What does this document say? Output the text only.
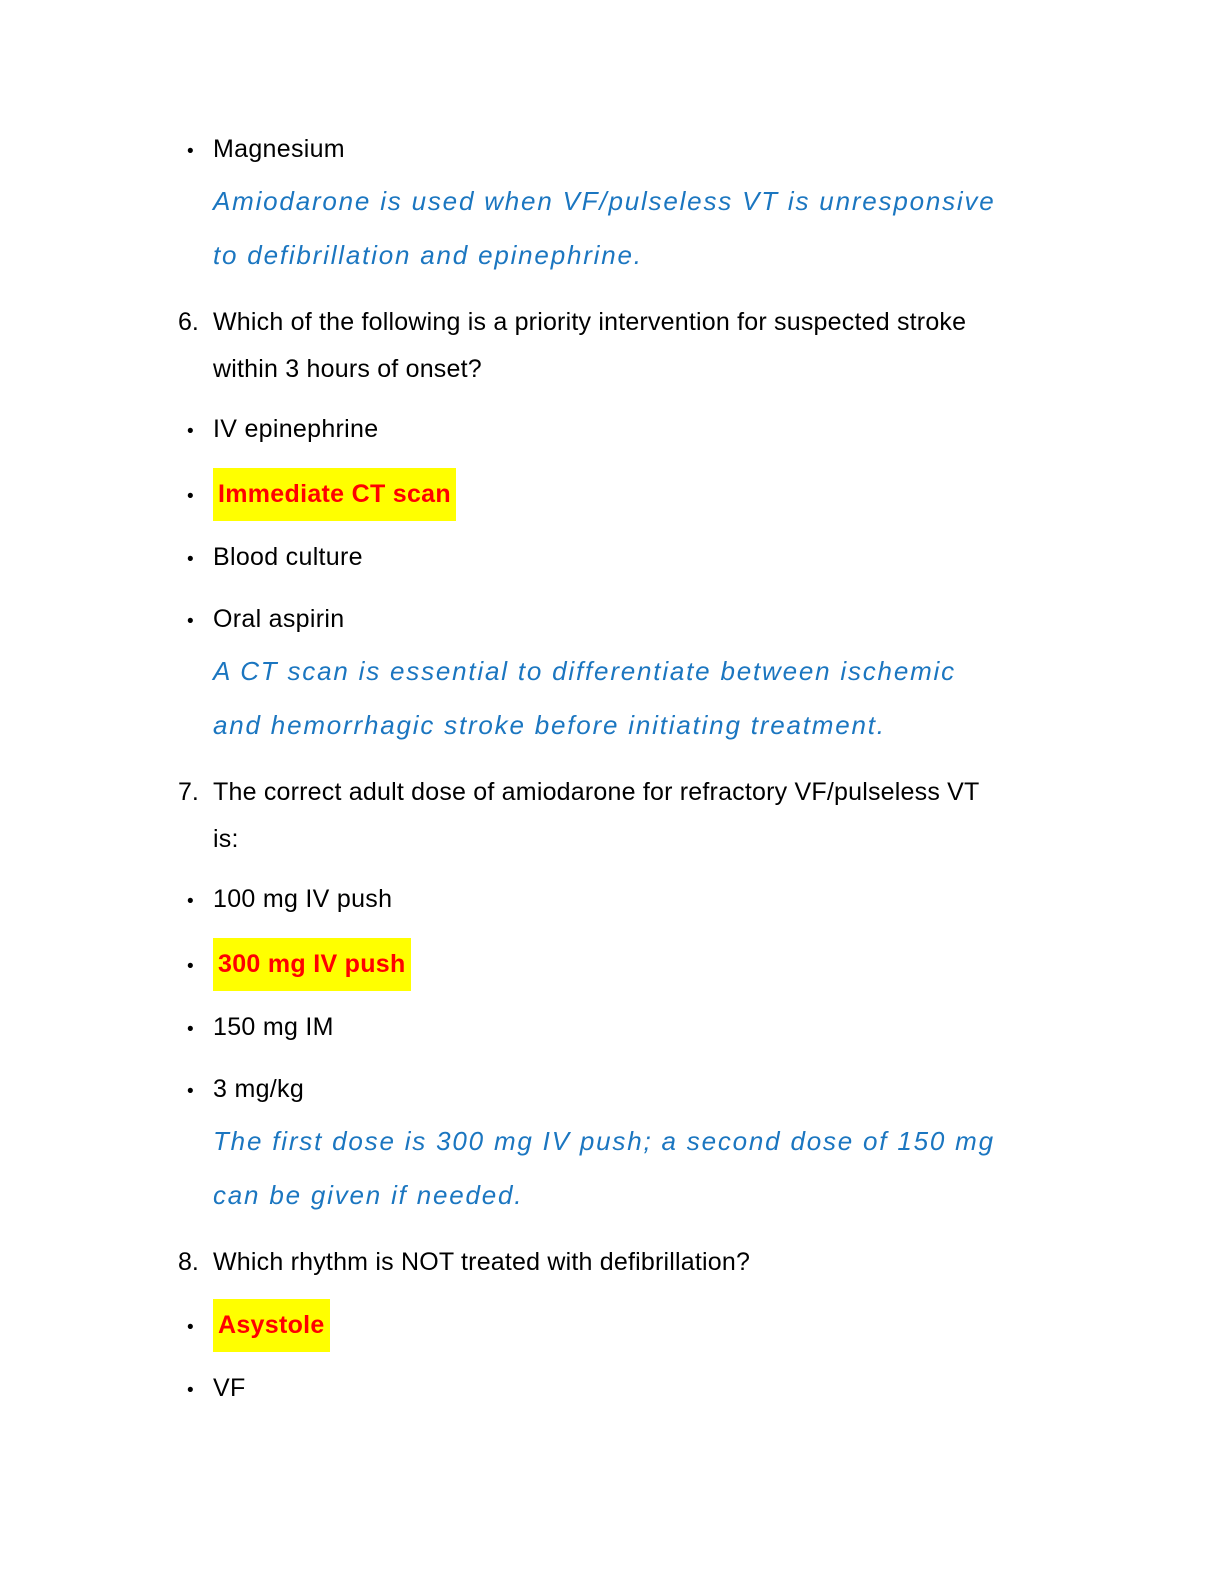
•
Magnesium
Amiodarone is used when VF/pulseless VT is unresponsive
to defibrillation and epinephrine.
6. Which of the following is a priority intervention for suspected stroke
within 3 hours of onset?
•
IV epinephrine
•
Immediate CT scan
•
Blood culture
•
Oral aspirin
A CT scan is essential to differentiate between ischemic
and hemorrhagic stroke before initiating treatment.
7. The correct adult dose of amiodarone for refractory VF/pulseless VT
is:
•
100 mg IV push
•
300 mg IV push
•
150 mg IM
•
3 mg/kg
The first dose is 300 mg IV push; a second dose of 150 mg
can be given if needed.
8. Which rhythm is NOT treated with defibrillation?
•
Asystole
•
VF
